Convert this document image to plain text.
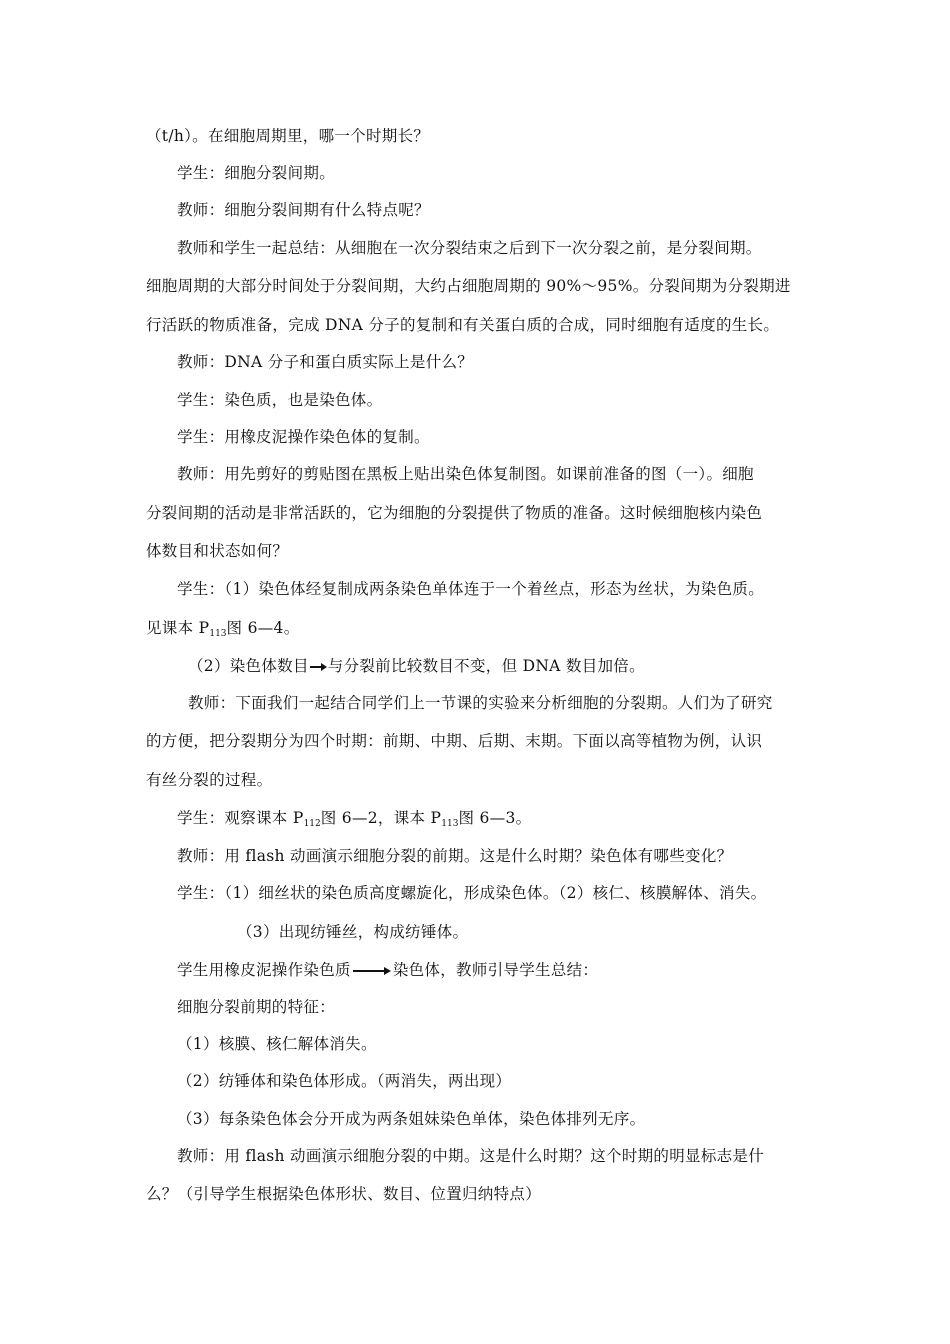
（t/h）。在细胞周期里，哪一个时期长？
学生：细胞分裂间期。
教师：细胞分裂间期有什么特点呢？
教师和学生一起总结：从细胞在一次分裂结束之后到下一次分裂之前，是分裂间期。
细胞周期的大部分时间处于分裂间期，大约占细胞周期的 90%～95%。分裂间期为分裂期进
行活跃的物质准备，完成 DNA 分子的复制和有关蛋白质的合成，同时细胞有适度的生长。
教师：DNA 分子和蛋白质实际上是什么？
学生：染色质，也是染色体。
学生：用橡皮泥操作染色体的复制。
教师：用先剪好的剪贴图在黑板上贴出染色体复制图。如课前准备的图（一）。细胞
分裂间期的活动是非常活跃的，它为细胞的分裂提供了物质的准备。这时候细胞核内染色
体数目和状态如何？
学生：（1）染色体经复制成两条染色单体连于一个着丝点，形态为丝状，为染色质。
见课本 $P_{113}$图 6—4。
（2）染色体数目 与分裂前比较数目不变，但 DNA 数目加倍。
教师：下面我们一起结合同学们上一节课的实验来分析细胞的分裂期。人们为了研究
的方便，把分裂期分为四个时期：前期、中期、后期、末期。下面以高等植物为例，认识
有丝分裂的过程。
学生：观察课本 $P_{112}$图 6—2，课本 $P_{113}$图 6—3。
教师：用 flash 动画演示细胞分裂的前期。这是什么时期？染色体有哪些变化？
学生：（1）细丝状的染色质高度螺旋化，形成染色体。（2）核仁、核膜解体、消失。
（3）出现纺锤丝，构成纺锤体。
学生用橡皮泥操作染色质	染色体，教师引导学生总结：
细胞分裂前期的特征：
（1）核膜、核仁解体消失。
（2）纺锤体和染色体形成。（两消失，两出现）
（3）每条染色体会分开成为两条姐妹染色单体，染色体排列无序。
教师：用 flash 动画演示细胞分裂的中期。这是什么时期？这个时期的明显标志是什
么？（引导学生根据染色体形状、数目、位置归纳特点）
